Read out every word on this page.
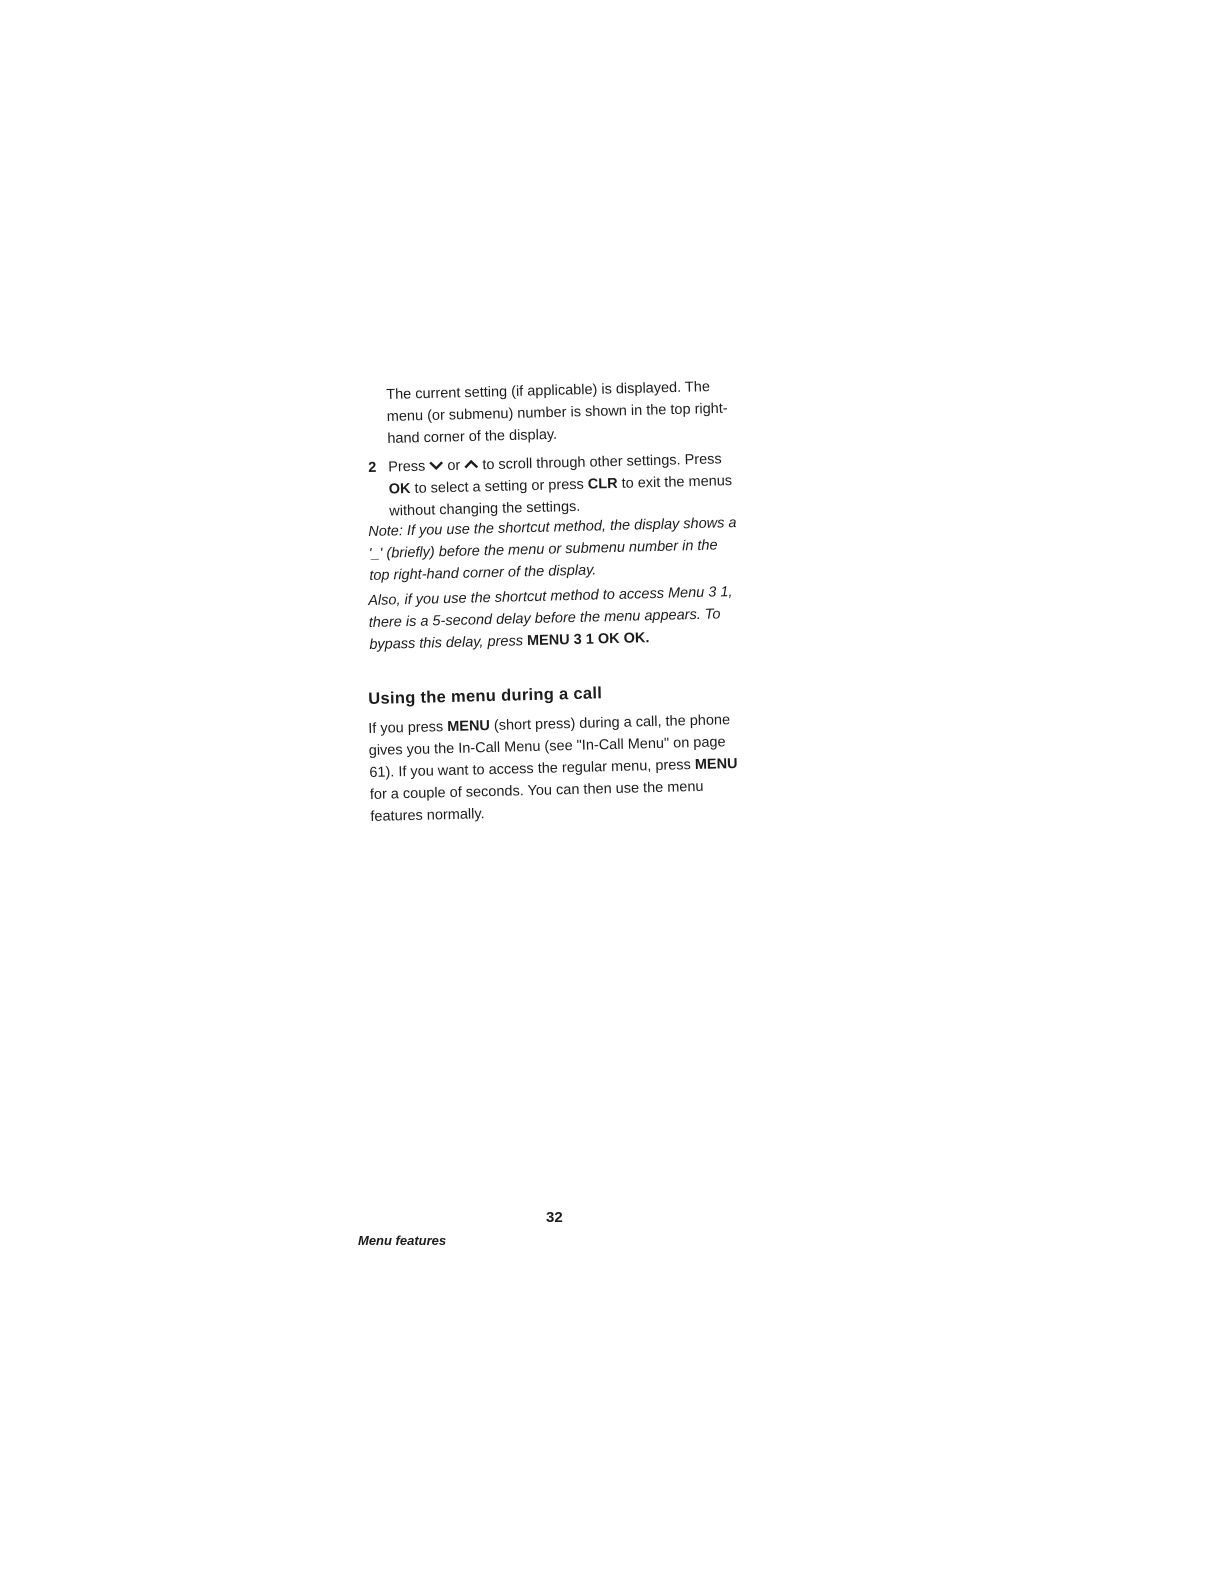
The current setting (if applicable) is displayed. The menu (or submenu) number is shown in the top right-hand corner of the display.
2 Press or to scroll through other settings. Press OK to select a setting or press CLR to exit the menus without changing the settings.
Note: If you use the shortcut method, the display shows a '_' (briefly) before the menu or submenu number in the top right-hand corner of the display.
Also, if you use the shortcut method to access Menu 3 1, there is a 5-second delay before the menu appears. To bypass this delay, press MENU 3 1 OK OK.
Using the menu during a call
If you press MENU (short press) during a call, the phone gives you the In-Call Menu (see "In-Call Menu" on page 61). If you want to access the regular menu, press MENU for a couple of seconds. You can then use the menu features normally.
32
Menu features
